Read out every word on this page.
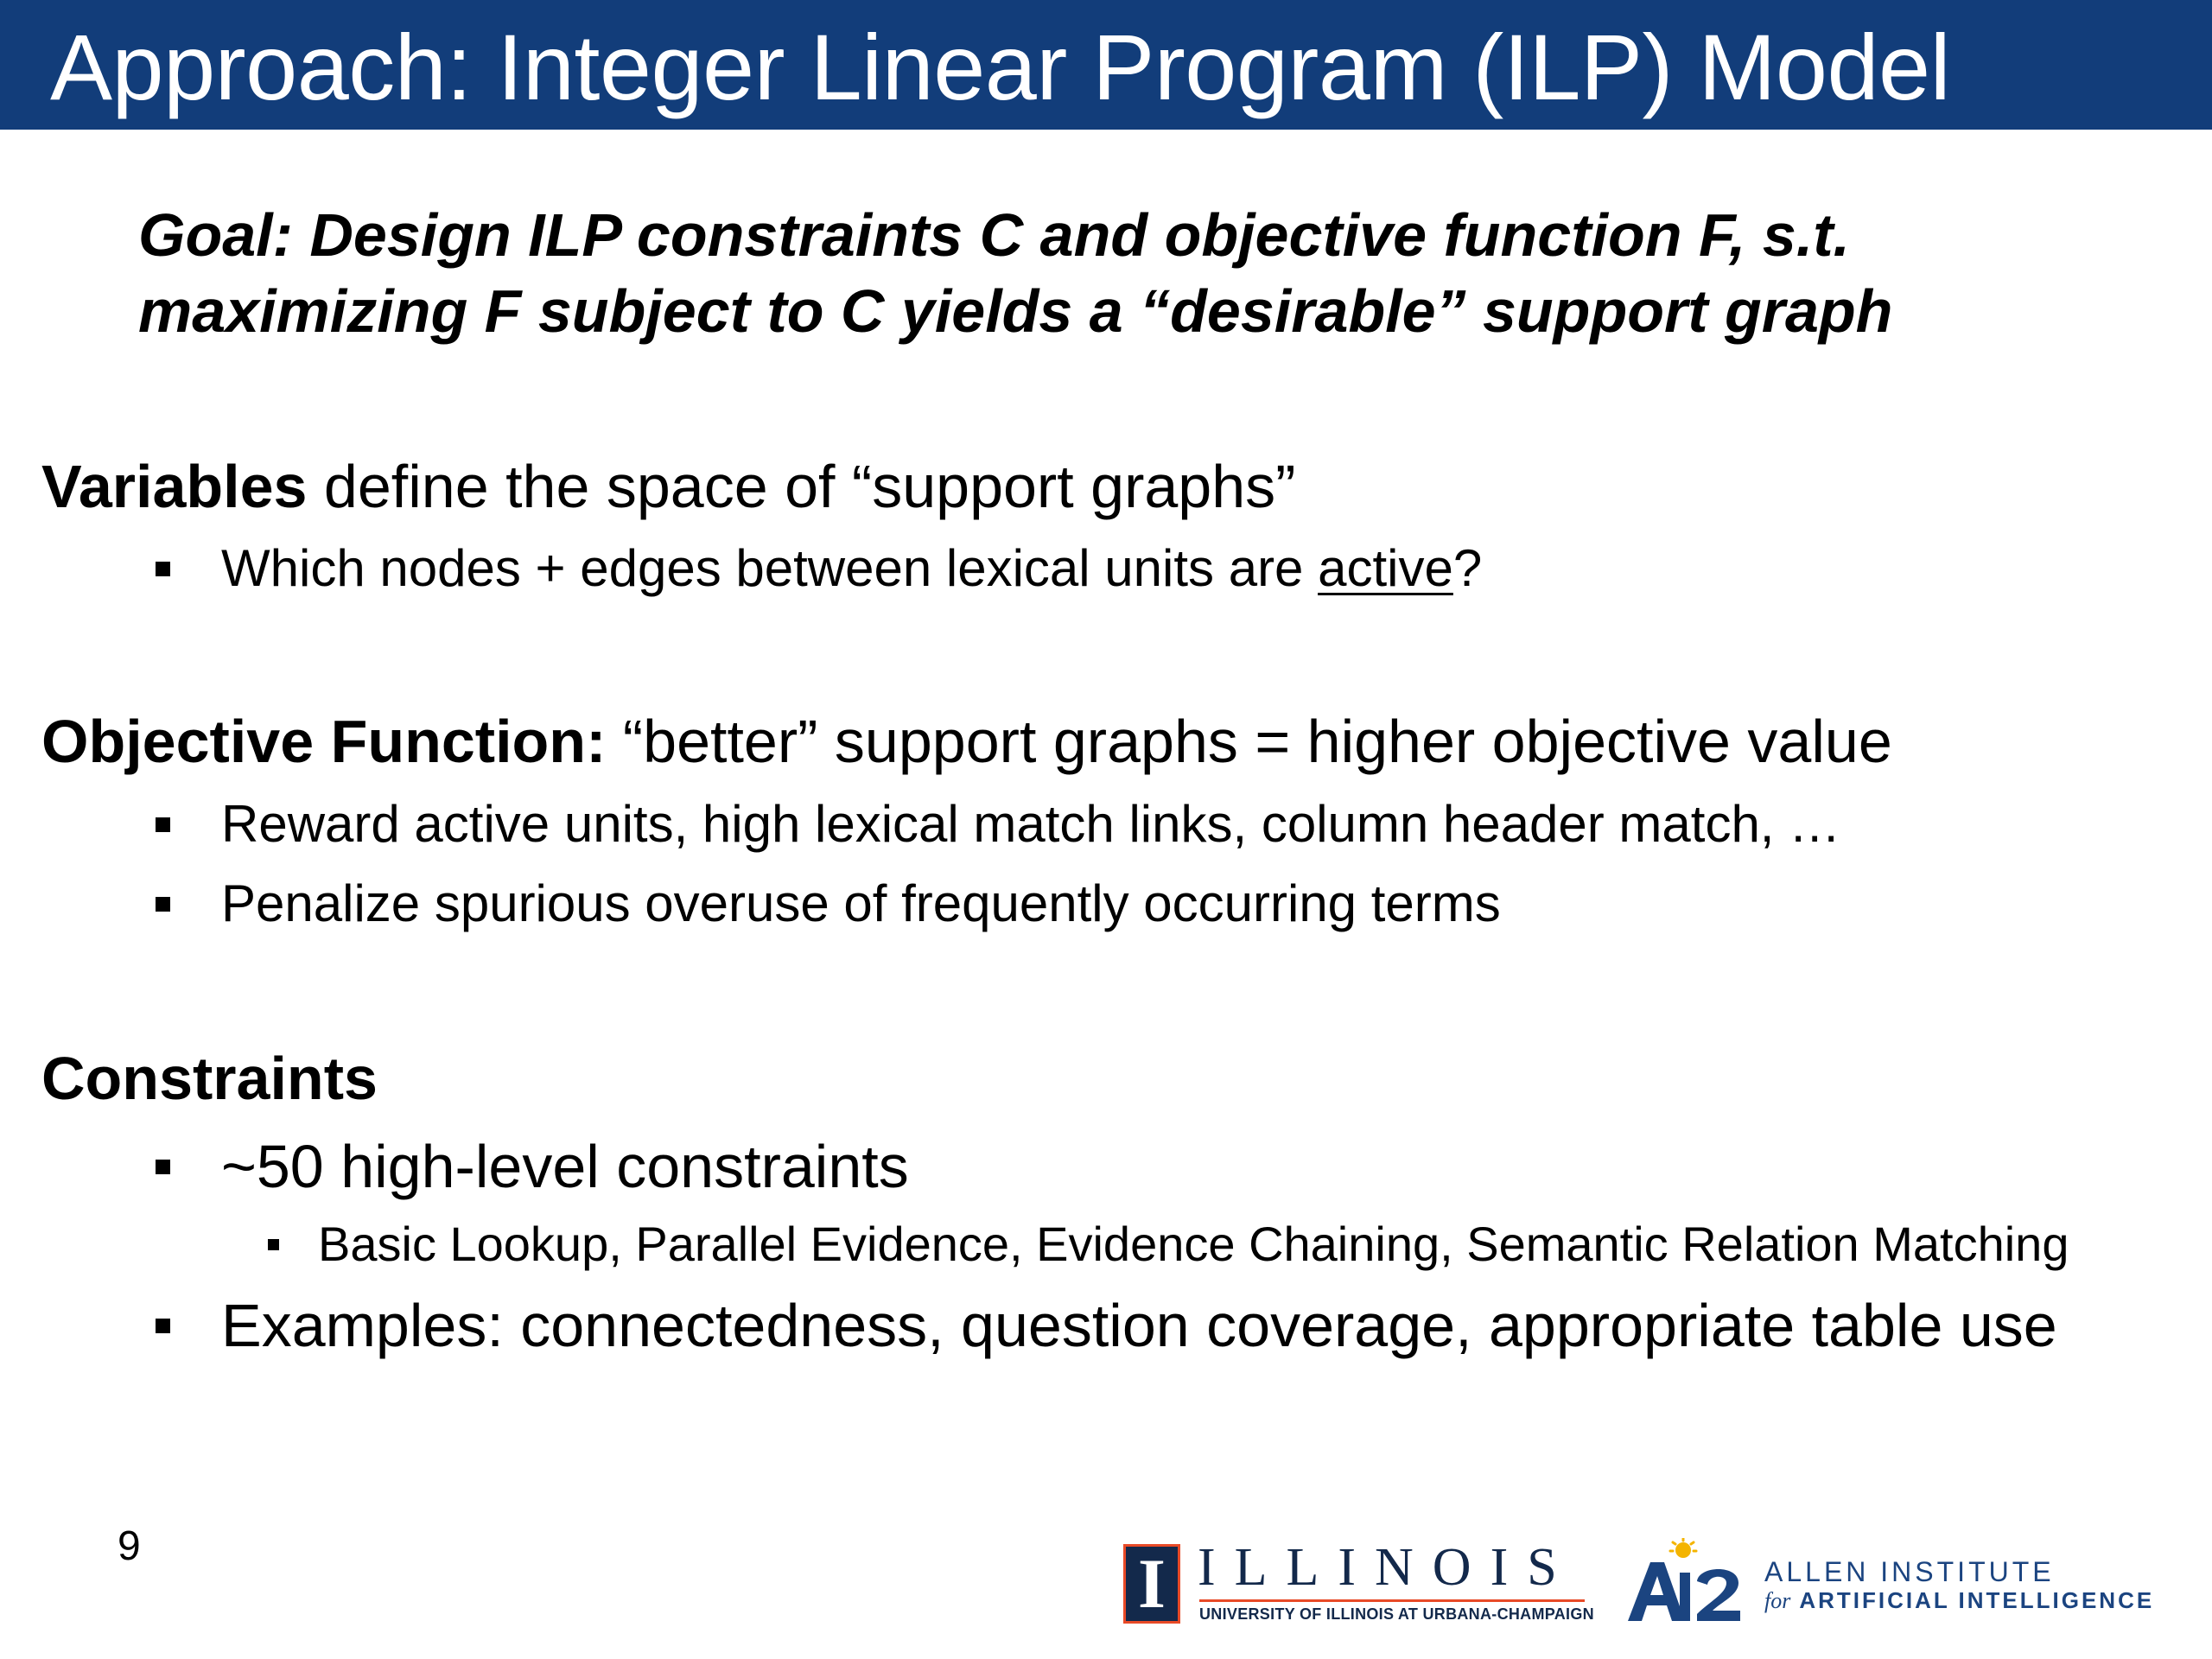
Approach: Integer Linear Program (ILP) Model
Goal: Design ILP constraints C and objective function F, s.t.
maximizing F subject to C yields a “desirable” support graph
Variables define the space of “support graphs”
Which nodes + edges between lexical units are active?
Objective Function: “better” support graphs = higher objective value
Reward active units, high lexical match links, column header match, …
Penalize spurious overuse of frequently occurring terms
Constraints
~50 high-level constraints
Basic Lookup, Parallel Evidence, Evidence Chaining, Semantic Relation Matching
Examples: connectedness, question coverage, appropriate table use
9	I ILLINOIS
UNIVERSITY OF ILLINOIS AT URBANA-CHAMPAIGN
ALLEN INSTITUTE
for ARTIFICIAL INTELLIGENCE
